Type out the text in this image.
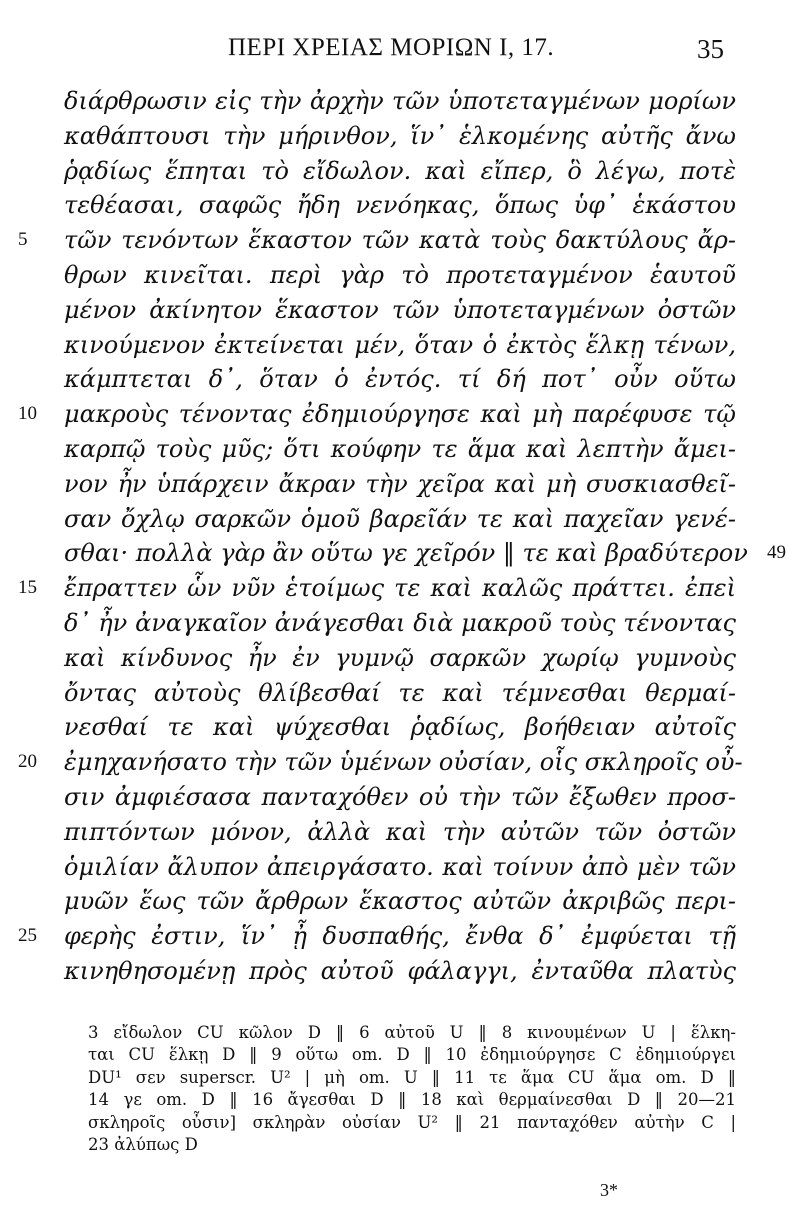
ΠΕΡΙ ΧΡΕΙΑΣ ΜΟΡΙΩΝ Ι, 17.	35
διάρθρωσιν εἰς τὴν ἀρχὴν τῶν ὑποτεταγμένων μορίων
καθάπτουσι τὴν μήρινθον, ἵν᾽ ἑλκομένης αὐτῆς ἄνω
ῥᾳδίως ἕπηται τὸ εἴδωλον. καὶ εἴπερ, ὃ λέγω, ποτὲ
τεθέασαι, σαφῶς ἤδη νενόηκας, ὅπως ὑφ᾽ ἑκάστου
τῶν τενόντων ἕκαστον τῶν κατὰ τοὺς δακτύλους ἄρ-
5
θρων κινεῖται. περὶ γὰρ τὸ προτεταγμένον ἑαυτοῦ
μένον ἀκίνητον ἕκαστον τῶν ὑποτεταγμένων ὀστῶν
κινούμενον ἐκτείνεται μέν, ὅταν ὁ ἐκτὸς ἕλκῃ τένων,
κάμπτεται δ᾽, ὅταν ὁ ἐντός. τί δή ποτ᾽ οὖν οὕτω
μακροὺς τένοντας ἐδημιούργησε καὶ μὴ παρέφυσε τῷ
10
καρπῷ τοὺς μῦς; ὅτι κούφην τε ἅμα καὶ λεπτὴν ἄμει-
νον ἦν ὑπάρχειν ἄκραν τὴν χεῖρα καὶ μὴ συσκιασθεῖ-
σαν ὄχλῳ σαρκῶν ὁμοῦ βαρεῖάν τε καὶ παχεῖαν γενέ-
σθαι· πολλὰ γὰρ ἂν οὕτω γε χεῖρόν ‖ τε καὶ βραδύτερον 49
ἔπραττεν ὧν νῦν ἑτοίμως τε καὶ καλῶς πράττει. ἐπεὶ
15
δ᾽ ἦν ἀναγκαῖον ἀνάγεσθαι διὰ μακροῦ τοὺς τένοντας
καὶ κίνδυνος ἦν ἐν γυμνῷ σαρκῶν χωρίῳ γυμνοὺς
ὄντας αὐτοὺς θλίβεσθαί τε καὶ τέμνεσθαι θερμαί-
νεσθαί τε καὶ ψύχεσθαι ῥᾳδίως, βοήθειαν αὐτοῖς
ἐμηχανήσατο τὴν τῶν ὑμένων οὐσίαν, οἷς σκληροῖς οὖ-
20
σιν ἀμφιέσασα πανταχόθεν οὐ τὴν τῶν ἔξωθεν προσ-
πιπτόντων μόνον, ἀλλὰ καὶ τὴν αὐτῶν τῶν ὀστῶν
ὁμιλίαν ἄλυπον ἀπειργάσατο. καὶ τοίνυν ἀπὸ μὲν τῶν
μυῶν ἕως τῶν ἄρθρων ἕκαστος αὐτῶν ἀκριβῶς περι-
φερὴς ἐστιν, ἵν᾽ ᾖ δυσπαθής, ἔνθα δ᾽ ἐμφύεται τῇ
25
κινηθησομένῃ πρὸς αὐτοῦ φάλαγγι, ἐνταῦθα πλατὺς
3 εἴδωλον CU κῶλον D ‖ 6 αὐτοῦ U ‖ 8 κινουμένων U | ἕλκη-
ται CU ἕλκῃ D ‖ 9 οὕτω om. D ‖ 10 ἐδημιούργησε C ἐδημιούργει
DU¹ σεν superscr. U² | μὴ om. U ‖ 11 τε ἅμα CU ἅμα om. D ‖
14 γε om. D ‖ 16 ἄγεσθαι D ‖ 18 καὶ θερμαίνεσθαι D ‖ 20—21
σκληροῖς οὖσιν] σκληρὰν οὐσίαν U² ‖ 21 πανταχόθεν αὐτὴν C |
23 ἀλύπως D
3*
